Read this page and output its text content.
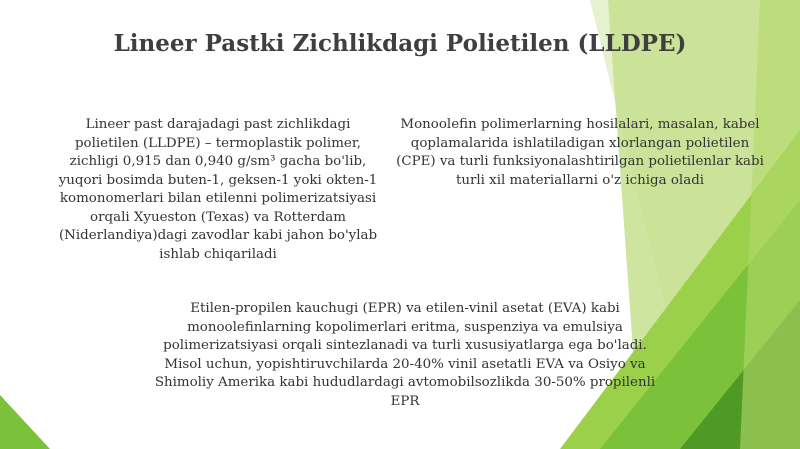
Lineer Pastki Zichlikdagi Polietilen (LLDPE)

Lineer past darajadagi past zichlikdagi polietilen (LLDPE) – termoplastik polimer, zichligi 0,915 dan 0,940 g/sm³ gacha bo'lib, yuqori bosimda buten-1, geksen-1 yoki okten-1 komonomerlari bilan etilenni polimerizatsiyasi orqali Xyueston (Texas) va Rotterdam (Niderlandiya)dagi zavodlar kabi jahon bo'ylab ishlab chiqariladi

Monoolefin polimerlarning hosilalari, masalan, kabel qoplamalarida ishlatiladigan xlorlangan polietilen (CPE) va turli funksiyonalashtirilgan polietilenlar kabi turli xil materiallarni o'z ichiga oladi

Etilen-propilen kauchugi (EPR) va etilen-vinil asetat (EVA) kabi monoolefinlarning kopolimerlari eritma, suspenziya va emulsiya polimerizatsiyasi orqali sintezlanadi va turli xususiyatlarga ega bo'ladi. Misol uchun, yopishtiruvchilarda 20-40% vinil asetatli EVA va Osiyo va Shimoliy Amerika kabi hududlardagi avtomobilsozlikda 30-50% propilenli EPR
